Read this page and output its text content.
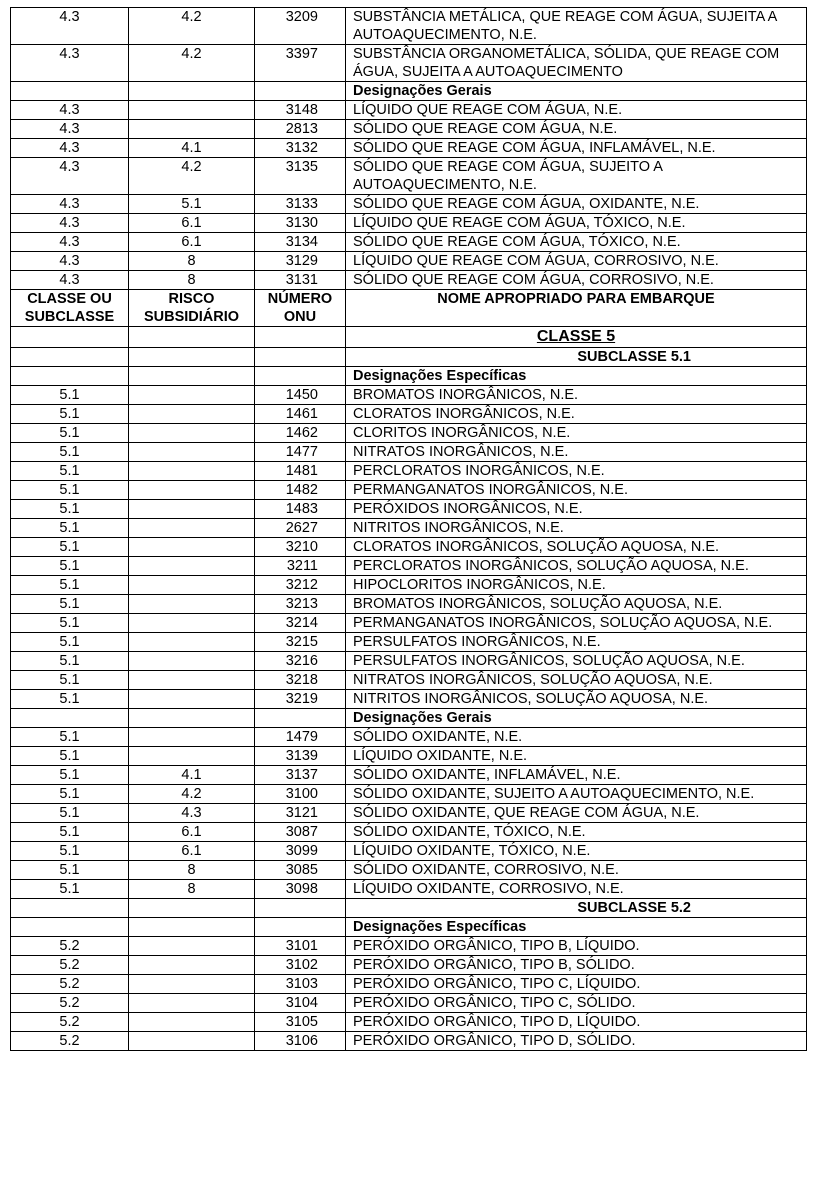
4.3	4.2	3209	SUBSTÂNCIA METÁLICA, QUE REAGE COM ÁGUA, SUJEITA A AUTOAQUECIMENTO, N.E.
4.3	4.2	3397	SUBSTÂNCIA ORGANOMETÁLICA, SÓLIDA, QUE REAGE COM ÁGUA, SUJEITA A AUTOAQUECIMENTO
			Designações Gerais
4.3		3148	LÍQUIDO QUE REAGE COM ÁGUA, N.E.
4.3		2813	SÓLIDO QUE REAGE COM ÁGUA, N.E.
4.3	4.1	3132	SÓLIDO QUE REAGE COM ÁGUA, INFLAMÁVEL, N.E.
4.3	4.2	3135	SÓLIDO QUE REAGE COM ÁGUA, SUJEITO A AUTOAQUECIMENTO, N.E.
4.3	5.1	3133	SÓLIDO QUE REAGE COM ÁGUA, OXIDANTE, N.E.
4.3	6.1	3130	LÍQUIDO QUE REAGE COM ÁGUA, TÓXICO, N.E.
4.3	6.1	3134	SÓLIDO QUE REAGE COM ÁGUA, TÓXICO, N.E.
4.3	8	3129	LÍQUIDO QUE REAGE COM ÁGUA, CORROSIVO, N.E.
4.3	8	3131	SÓLIDO QUE REAGE COM ÁGUA, CORROSIVO, N.E.
CLASSE OU SUBCLASSE	RISCO SUBSIDIÁRIO	NÚMERO ONU	NOME APROPRIADO PARA EMBARQUE
			CLASSE 5
			SUBCLASSE 5.1
			Designações Específicas
5.1		1450	BROMATOS INORGÂNICOS, N.E.
5.1		1461	CLORATOS INORGÂNICOS, N.E.
5.1		1462	CLORITOS INORGÂNICOS, N.E.
5.1		1477	NITRATOS INORGÂNICOS, N.E.
5.1		1481	PERCLORATOS INORGÂNICOS, N.E.
5.1		1482	PERMANGANATOS INORGÂNICOS, N.E.
5.1		1483	PERÓXIDOS INORGÂNICOS, N.E.
5.1		2627	NITRITOS INORGÂNICOS, N.E.
5.1		3210	CLORATOS INORGÂNICOS, SOLUÇÃO AQUOSA, N.E.
5.1		3211	PERCLORATOS INORGÂNICOS, SOLUÇÃO AQUOSA, N.E.
5.1		3212	HIPOCLORITOS INORGÂNICOS, N.E.
5.1		3213	BROMATOS INORGÂNICOS, SOLUÇÃO AQUOSA, N.E.
5.1		3214	PERMANGANATOS INORGÂNICOS, SOLUÇÃO AQUOSA, N.E.
5.1		3215	PERSULFATOS INORGÂNICOS, N.E.
5.1		3216	PERSULFATOS INORGÂNICOS, SOLUÇÃO AQUOSA, N.E.
5.1		3218	NITRATOS INORGÂNICOS, SOLUÇÃO AQUOSA, N.E.
5.1		3219	NITRITOS INORGÂNICOS, SOLUÇÃO AQUOSA, N.E.
			Designações Gerais
5.1		1479	SÓLIDO OXIDANTE, N.E.
5.1		3139	LÍQUIDO OXIDANTE, N.E.
5.1	4.1	3137	SÓLIDO OXIDANTE, INFLAMÁVEL, N.E.
5.1	4.2	3100	SÓLIDO OXIDANTE, SUJEITO A AUTOAQUECIMENTO, N.E.
5.1	4.3	3121	SÓLIDO OXIDANTE, QUE REAGE COM ÁGUA, N.E.
5.1	6.1	3087	SÓLIDO OXIDANTE, TÓXICO, N.E.
5.1	6.1	3099	LÍQUIDO OXIDANTE, TÓXICO, N.E.
5.1	8	3085	SÓLIDO OXIDANTE, CORROSIVO, N.E.
5.1	8	3098	LÍQUIDO OXIDANTE, CORROSIVO, N.E.
			SUBCLASSE 5.2
			Designações Específicas
5.2		3101	PERÓXIDO ORGÂNICO, TIPO B, LÍQUIDO.
5.2		3102	PERÓXIDO ORGÂNICO, TIPO B, SÓLIDO.
5.2		3103	PERÓXIDO ORGÂNICO, TIPO C, LÍQUIDO.
5.2		3104	PERÓXIDO ORGÂNICO, TIPO C, SÓLIDO.
5.2		3105	PERÓXIDO ORGÂNICO, TIPO D, LÍQUIDO.
5.2		3106	PERÓXIDO ORGÂNICO, TIPO D, SÓLIDO.
